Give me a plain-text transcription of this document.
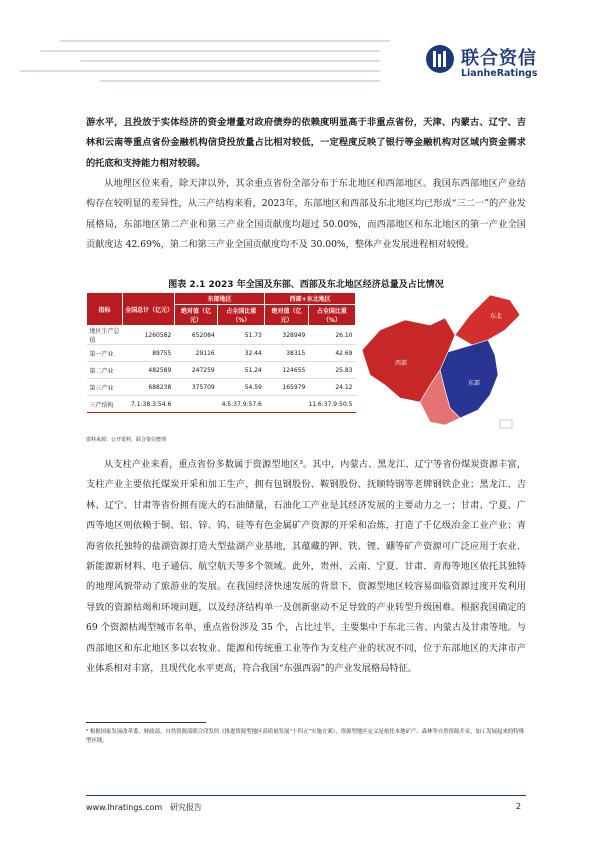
联合资信
LianheRatings

游水平，且投放于实体经济的资金增量对政府债券的依赖度明显高于非重点省份，天津、内蒙古、辽宁、吉林和云南等重点省份金融机构信贷投放量占比相对较低，一定程度反映了银行等金融机构对区域内资金需求的托底和支持能力相对较弱。

从地理区位来看，除天津以外，其余重点省份全部分布于东北地区和西部地区。我国东西部地区产业结构存在较明显的差异性，从三产结构来看，2023年，东部地区和西部及东北地区均已形成“三二一”的产业发展格局，东部地区第二产业和第三产业全国贡献度均超过 50.00%，而西部地区和东北地区的第一产业全国贡献度达 42.69%，第二和第三产业全国贡献度均不及 30.00%，整体产业发展进程相对较慢。

图表 2.1 2023 年全国及东部、西部及东北地区经济总量及占比情况
指标	全国总计（亿元）	东部地区		西部+东北地区	
		绝对值（亿元）	占全国比重（%）	绝对值（亿元）	占全国比重（%）
地区生产总值	1260582	652084	51.73	328949	26.10
第一产业	89755	29116	32.44	38315	42.69
第二产业	482589	247259	51.24	124655	25.83
第三产业	688238	375709	54.59	165979	24.12
三产结构	7.1:38.3:54.6	4.5:37.9:57.6		11.6:37.9:50.5	
资料来源：公开资料，联合资信整理
西部
东北
东部

从支柱产业来看，重点省份多数属于资源型地区³。其中，内蒙古、黑龙江、辽宁等省份煤炭资源丰富，支柱产业主要依托煤炭开采和加工生产，拥有包钢股份、鞍钢股份、抚顺特钢等老牌钢铁企业；黑龙江、吉林、辽宁、甘肃等省份拥有庞大的石油储量，石油化工产业是其经济发展的主要动力之一；甘肃、宁夏、广西等地区则依赖于铜、铝、锌、钨、硅等有色金属矿产资源的开采和冶炼，打造了千亿级冶金工业产业；青海省依托独特的盐湖资源打造大型盐湖产业基地，其蕴藏的钾、铁、锂、硼等矿产资源可广泛应用于农业、新能源新材料、电子通信、航空航天等多个领域。此外，贵州、云南、宁夏、甘肃、青海等地区依托其独特的地理风貌带动了旅游业的发展。在我国经济快速发展的背景下，资源型地区较容易面临资源过度开发利用导致的资源枯竭和环境问题，以及经济结构单一及创新驱动不足导致的产业转型升级困难。根据我国确定的 69 个资源枯竭型城市名单，重点省份涉及 35 个，占比过半，主要集中于东北三省、内蒙古及甘肃等地。与西部地区和东北地区多以农牧业、能源和传统重工业等作为支柱产业的状况不同，位于东部地区的天津市产业体系相对丰富，且现代化水平更高，符合我国“东强西弱”的产业发展格局特征。

³ 根据国家发展改革委、财政部、自然资源部联合印发的《推进资源型地区高质量发展“十四五”实施方案》，资源型地区定义是依托本地矿产、森林等自然资源开采、加工发展起来的特殊型区域。
www.lhratings.com 研究报告	2
